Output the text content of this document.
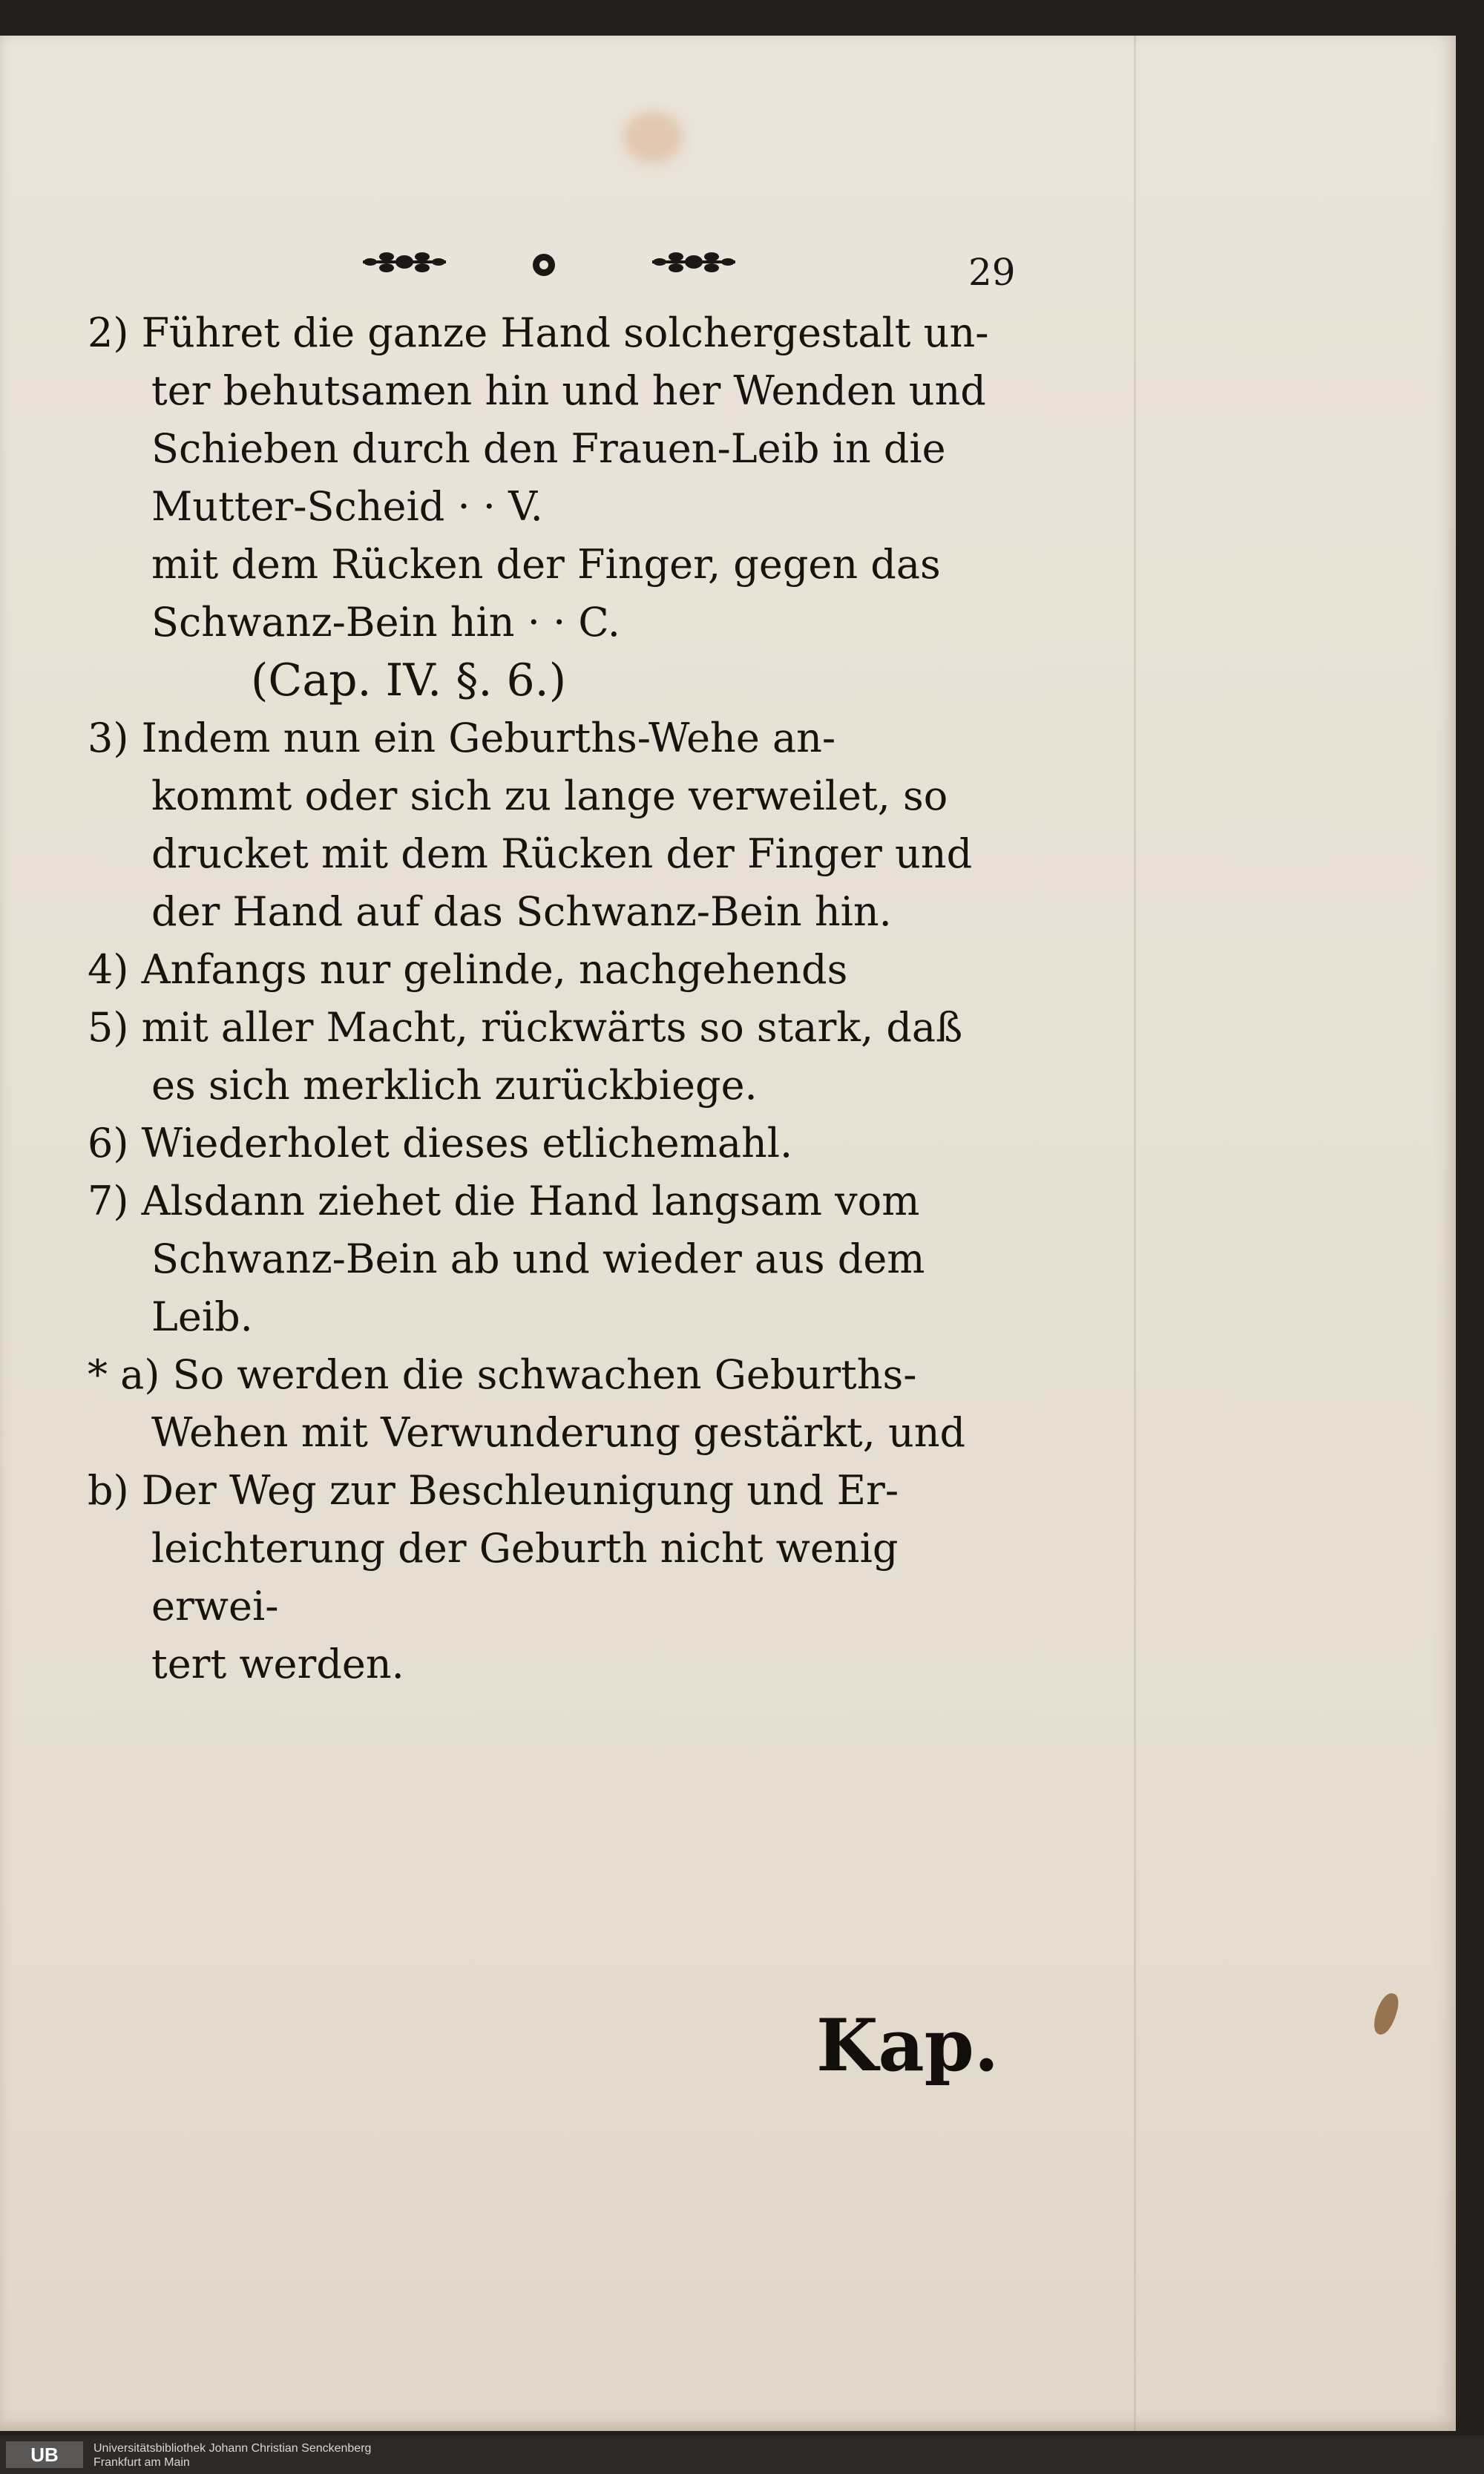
29

2) Führet die ganze Hand solchergestalt un-

ter behutsamen hin und her Wenden und

Schieben durch den Frauen-Leib in die

Mutter-Scheid · · V.

mit dem Rücken der Finger, gegen das

Schwanz-Bein hin · · C.

(Cap. IV. §. 6.)

3) Indem nun ein Geburths-Wehe an-

kommt oder sich zu lange verweilet, so

drucket mit dem Rücken der Finger und

der Hand auf das Schwanz-Bein hin.

4) Anfangs nur gelinde, nachgehends

5) mit aller Macht, rückwärts so stark, daß

es sich merklich zurückbiege.

6) Wiederholet dieses etlichemahl.

7) Alsdann ziehet die Hand langsam vom

Schwanz-Bein ab und wieder aus dem

Leib.

* a) So werden die schwachen Geburths-

Wehen mit Verwunderung gestärkt, und

b) Der Weg zur Beschleunigung und Er-

leichterung der Geburth nicht wenig erwei-

tert werden.

Kap.
UB	Universitätsbibliothek Johann Christian Senckenberg
Frankfurt am Main
